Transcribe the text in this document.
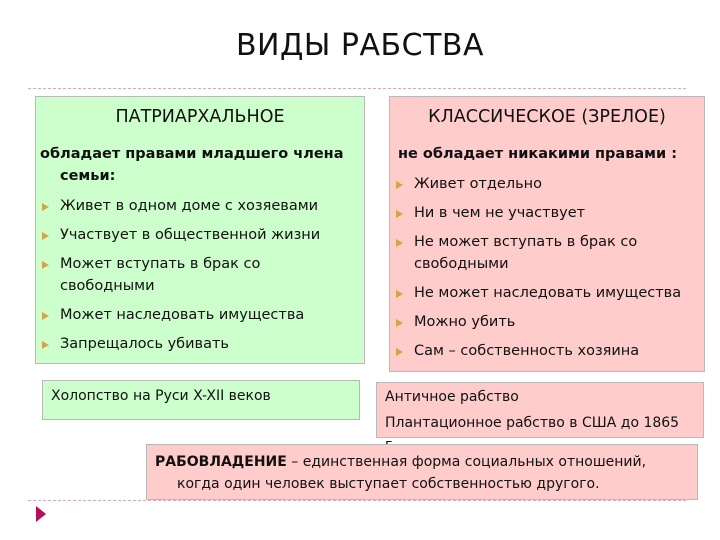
ВИДЫ РАБСТВА
ПАТРИАРХАЛЬНОЕ
обладает правами младшего члена семьи:
Живет в одном доме с хозяевами
Участвует в общественной жизни
Может вступать в брак со свободными
Может наследовать имущества
Запрещалось убивать
КЛАССИЧЕСКОЕ (ЗРЕЛОЕ)
не обладает никакими правами :
Живет отдельно
Ни в чем не участвует
Не может вступать в брак со свободными
Не может наследовать имущества
Можно убить
Сам – собственность хозяина
Холопство на Руси X-XII веков	Античное рабство
Плантационное рабство в США до 1865
РАБОВЛАДЕНИЕ – единственная форма социальных отношений,
когда один человек выступает собственностью другого.
